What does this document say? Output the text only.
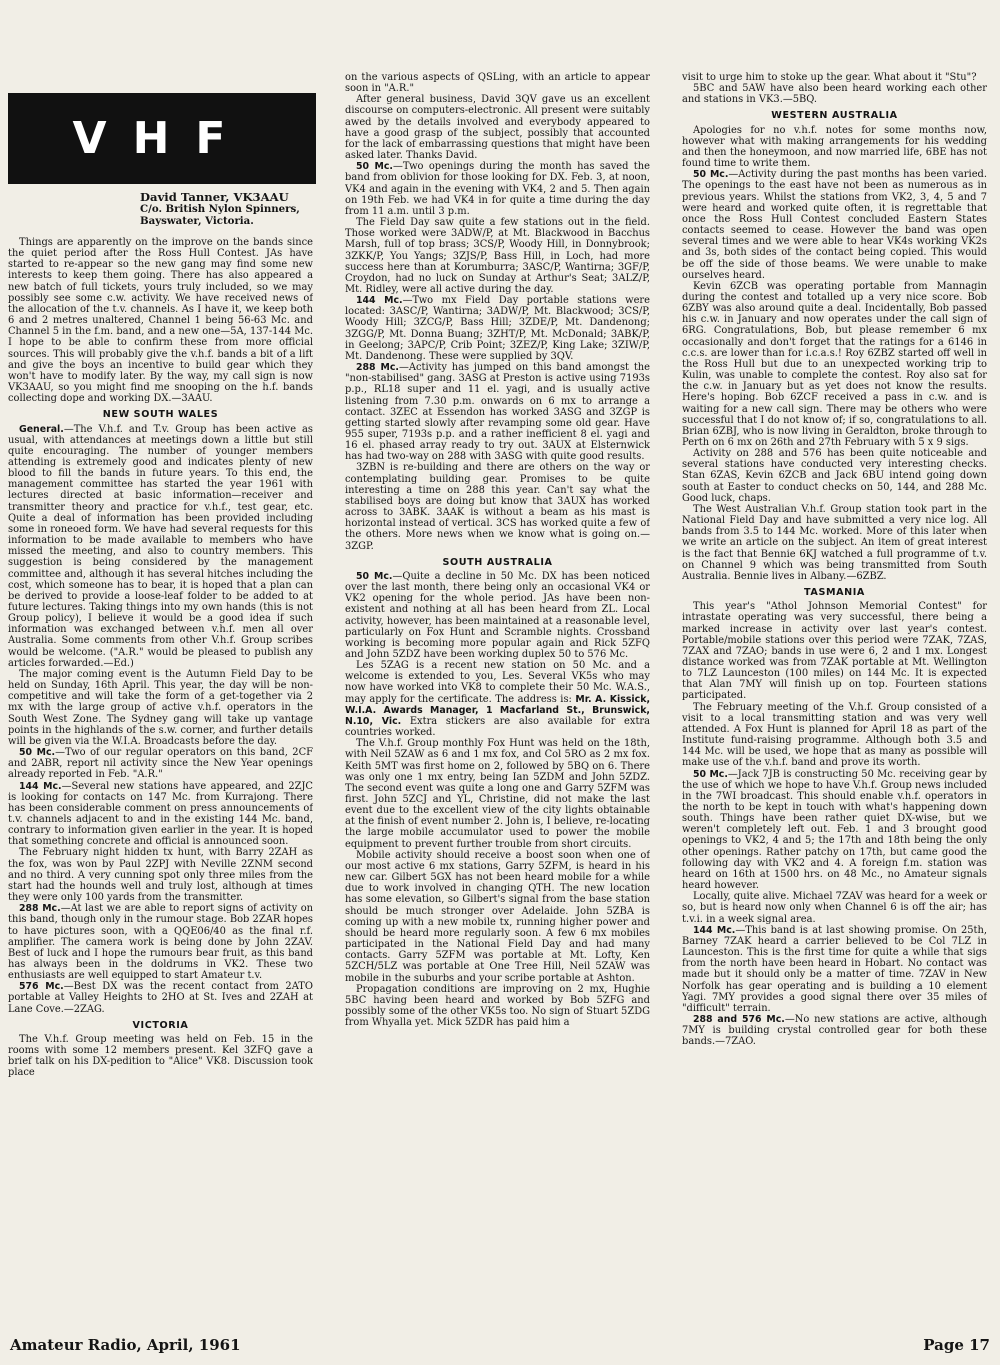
VHF
David Tanner, VK3AAU
C/o. British Nylon Spinners,
Bayswater, Victoria.

Things are apparently on the improve on the bands since the quiet period after the Ross Hull Contest. JAs have started to re-appear so the new gang may find some new interests to keep them going. There has also appeared a new batch of full tickets, yours truly included, so we may possibly see some c.w. activity. We have received news of the allocation of the t.v. channels. As I have it, we keep both 6 and 2 metres unaltered, Channel 1 being 56-63 Mc. and Channel 5 in the f.m. band, and a new one—5A, 137-144 Mc. I hope to be able to confirm these from more official sources. This will probably give the v.h.f. bands a bit of a lift and give the boys an incentive to build gear which they won't have to modify later. By the way, my call sign is now VK3AAU, so you might find me snooping on the h.f. bands collecting dope and working DX.—3AAU.

NEW SOUTH WALES

General.—The V.h.f. and T.v. Group has been active as usual, with attendances at meetings down a little but still quite encouraging. The number of younger members attending is extremely good and indicates plenty of new blood to fill the bands in future years. To this end, the management committee has started the year 1961 with lectures directed at basic information—receiver and transmitter theory and practice for v.h.f., test gear, etc. Quite a deal of information has been provided including some in roneoed form. We have had several requests for this information to be made available to members who have missed the meeting, and also to country members. This suggestion is being considered by the management committee and, although it has several hitches including the cost, which someone has to bear, it is hoped that a plan can be derived to provide a loose-leaf folder to be added to at future lectures. Taking things into my own hands (this is not Group policy), I believe it would be a good idea if such information was exchanged between v.h.f. men all over Australia. Some comments from other V.h.f. Group scribes would be welcome. ("A.R." would be pleased to publish any articles forwarded.—Ed.)

The major coming event is the Autumn Field Day to be held on Sunday, 16th April. This year, the day will be non-competitive and will take the form of a get-together via 2 mx with the large group of active v.h.f. operators in the South West Zone. The Sydney gang will take up vantage points in the highlands of the s.w. corner, and further details will be given via the W.I.A. Broadcasts before the day.

50 Mc.—Two of our regular operators on this band, 2CF and 2ABR, report nil activity since the New Year openings already reported in Feb. "A.R."

144 Mc.—Several new stations have appeared, and 2ZJC is looking for contacts on 147 Mc. from Kurrajong. There has been considerable comment on press announcements of t.v. channels adjacent to and in the existing 144 Mc. band, contrary to information given earlier in the year. It is hoped that something concrete and official is announced soon.

The February night hidden tx hunt, with Barry 2ZAH as the fox, was won by Paul 2ZPJ with Neville 2ZNM second and no third. A very cunning spot only three miles from the start had the hounds well and truly lost, although at times they were only 100 yards from the transmitter.

288 Mc.—At last we are able to report signs of activity on this band, though only in the rumour stage. Bob 2ZAR hopes to have pictures soon, with a QQE06/40 as the final r.f. amplifier. The camera work is being done by John 2ZAV. Best of luck and I hope the rumours bear fruit, as this band has always been in the doldrums in VK2. These two enthusiasts are well equipped to start Amateur t.v.

576 Mc.—Best DX was the recent contact from 2ATO portable at Valley Heights to 2HO at St. Ives and 2ZAH at Lane Cove.—2ZAG.

VICTORIA

The V.h.f. Group meeting was held on Feb. 15 in the rooms with some 12 members present. Kel 3ZFQ gave a brief talk on his DX-pedition to "Alice" VK8. Discussion took place

on the various aspects of QSLing, with an article to appear soon in "A.R."

After general business, David 3QV gave us an excellent discourse on computers-electronic. All present were suitably awed by the details involved and everybody appeared to have a good grasp of the subject, possibly that accounted for the lack of embarrassing questions that might have been asked later. Thanks David.

50 Mc.—Two openings during the month has saved the band from oblivion for those looking for DX. Feb. 3, at noon, VK4 and again in the evening with VK4, 2 and 5. Then again on 19th Feb. we had VK4 in for quite a time during the day from 11 a.m. until 3 p.m.

The Field Day saw quite a few stations out in the field. Those worked were 3ADW/P, at Mt. Blackwood in Bacchus Marsh, full of top brass; 3CS/P, Woody Hill, in Donnybrook; 3ZKK/P, You Yangs; 3ZJS/P, Bass Hill, in Loch, had more success here than at Korumburra; 3ASC/P, Wantirna; 3GF/P, Croydon, had no luck on Sunday at Arthur's Seat; 3ALZ/P, Mt. Ridley, were all active during the day.

144 Mc.—Two mx Field Day portable stations were located: 3ASC/P, Wantirna; 3ADW/P, Mt. Blackwood; 3CS/P, Woody Hill; 3ZCG/P, Bass Hill; 3ZDE/P, Mt. Dandenong; 3ZGG/P, Mt. Donna Buang; 3ZHT/P, Mt. McDonald; 3ABK/P, in Geelong; 3APC/P, Crib Point; 3ZEZ/P, King Lake; 3ZIW/P, Mt. Dandenong. These were supplied by 3QV.

288 Mc.—Activity has jumped on this band amongst the "non-stabilised" gang. 3ASG at Preston is active using 7193s p.p., RL18 super and 11 el. yagi, and is usually active listening from 7.30 p.m. onwards on 6 mx to arrange a contact. 3ZEC at Essendon has worked 3ASG and 3ZGP is getting started slowly after revamping some old gear. Have 955 super, 7193s p.p. and a rather inefficient 8 el. yagi and 16 el. phased array ready to try out. 3AUX at Elsternwick has had two-way on 288 with 3ASG with quite good results.

3ZBN is re-building and there are others on the way or contemplating building gear. Promises to be quite interesting a time on 288 this year. Can't say what the stabilised boys are doing but know that 3AUX has worked across to 3ABK. 3AAK is without a beam as his mast is horizontal instead of vertical. 3CS has worked quite a few of the others. More news when we know what is going on.—3ZGP.

SOUTH AUSTRALIA

50 Mc.—Quite a decline in 50 Mc. DX has been noticed over the last month, there being only an occasional VK4 or VK2 opening for the whole period. JAs have been non-existent and nothing at all has been heard from ZL. Local activity, however, has been maintained at a reasonable level, particularly on Fox Hunt and Scramble nights. Crossband working is becoming more popular again and Rick 5ZFQ and John 5ZDZ have been working duplex 50 to 576 Mc.

Les 5ZAG is a recent new station on 50 Mc. and a welcome is extended to you, Les. Several VK5s who may now have worked into VK8 to complete their 50 Mc. W.A.S., may apply for the certificate. The address is: Mr. A. Kissick, W.I.A. Awards Manager, 1 Macfarland St., Brunswick, N.10, Vic. Extra stickers are also available for extra countries worked.

The V.h.f. Group monthly Fox Hunt was held on the 18th, with Neil 5ZAW as 6 and 1 mx fox, and Col 5RO as 2 mx fox. Keith 5MT was first home on 2, followed by 5BQ on 6. There was only one 1 mx entry, being Ian 5ZDM and John 5ZDZ. The second event was quite a long one and Garry 5ZFM was first. John 5ZCJ and YL, Christine, did not make the last event due to the excellent view of the city lights obtainable at the finish of event number 2. John is, I believe, re-locating the large mobile accumulator used to power the mobile equipment to prevent further trouble from short circuits.

Mobile activity should receive a boost soon when one of our most active 6 mx stations, Garry 5ZFM, is heard in his new car. Gilbert 5GX has not been heard mobile for a while due to work involved in changing QTH. The new location has some elevation, so Gilbert's signal from the base station should be much stronger over Adelaide. John 5ZBA is coming up with a new mobile tx, running higher power and should be heard more regularly soon. A few 6 mx mobiles participated in the National Field Day and had many contacts. Garry 5ZFM was portable at Mt. Lofty, Ken 5ZCH/5LZ was portable at One Tree Hill, Neil 5ZAW was mobile in the suburbs and your scribe portable at Ashton.

Propagation conditions are improving on 2 mx, Hughie 5BC having been heard and worked by Bob 5ZFG and possibly some of the other VK5s too. No sign of Stuart 5ZDG from Whyalla yet. Mick 5ZDR has paid him a

visit to urge him to stoke up the gear. What about it "Stu"?

5BC and 5AW have also been heard working each other and stations in VK3.—5BQ.

WESTERN AUSTRALIA

Apologies for no v.h.f. notes for some months now, however what with making arrangements for his wedding and then the honeymoon, and now married life, 6BE has not found time to write them.

50 Mc.—Activity during the past months has been varied. The openings to the east have not been as numerous as in previous years. Whilst the stations from VK2, 3, 4, 5 and 7 were heard and worked quite often, it is regrettable that once the Ross Hull Contest concluded Eastern States contacts seemed to cease. However the band was open several times and we were able to hear VK4s working VK2s and 3s, both sides of the contact being copied. This would be off the side of those beams. We were unable to make ourselves heard.

Kevin 6ZCB was operating portable from Mannagin during the contest and totalled up a very nice score. Bob 6ZBY was also around quite a deal. Incidentally, Bob passed his c.w. in January and now operates under the call sign of 6RG. Congratulations, Bob, but please remember 6 mx occasionally and don't forget that the ratings for a 6146 in c.c.s. are lower than for i.c.a.s.! Roy 6ZBZ started off well in the Ross Hull but due to an unexpected working trip to Kulin, was unable to complete the contest. Roy also sat for the c.w. in January but as yet does not know the results. Here's hoping. Bob 6ZCF received a pass in c.w. and is waiting for a new call sign. There may be others who were successful that I do not know of; if so, congratulations to all. Brian 6ZBJ, who is now living in Geraldton, broke through to Perth on 6 mx on 26th and 27th February with 5 x 9 sigs.

Activity on 288 and 576 has been quite noticeable and several stations have conducted very interesting checks. Stan 6ZAS, Kevin 6ZCB and Jack 6BU intend going down south at Easter to conduct checks on 50, 144, and 288 Mc. Good luck, chaps.

The West Australian V.h.f. Group station took part in the National Field Day and have submitted a very nice log. All bands from 3.5 to 144 Mc. worked. More of this later when we write an article on the subject. An item of great interest is the fact that Bennie 6KJ watched a full programme of t.v. on Channel 9 which was being transmitted from South Australia. Bennie lives in Albany.—6ZBZ.

TASMANIA

This year's "Athol Johnson Memorial Contest" for intrastate operating was very successful, there being a marked increase in activity over last year's contest. Portable/mobile stations over this period were 7ZAK, 7ZAS, 7ZAX and 7ZAO; bands in use were 6, 2 and 1 mx. Longest distance worked was from 7ZAK portable at Mt. Wellington to 7LZ Launceston (100 miles) on 144 Mc. It is expected that Alan 7MY will finish up on top. Fourteen stations participated.

The February meeting of the V.h.f. Group consisted of a visit to a local transmitting station and was very well attended. A Fox Hunt is planned for April 18 as part of the Institute fund-raising programme. Although both 3.5 and 144 Mc. will be used, we hope that as many as possible will make use of the v.h.f. band and prove its worth.

50 Mc.—Jack 7JB is constructing 50 Mc. receiving gear by the use of which we hope to have V.h.f. Group news included in the 7WI broadcast. This should enable v.h.f. operators in the north to be kept in touch with what's happening down south. Things have been rather quiet DX-wise, but we weren't completely left out. Feb. 1 and 3 brought good openings to VK2, 4 and 5; the 17th and 18th being the only other openings. Rather patchy on 17th, but came good the following day with VK2 and 4. A foreign f.m. station was heard on 16th at 1500 hrs. on 48 Mc., no Amateur signals heard however.

Locally, quite alive. Michael 7ZAV was heard for a week or so, but is heard now only when Channel 6 is off the air; has t.v.i. in a week signal area.

144 Mc.—This band is at last showing promise. On 25th, Barney 7ZAK heard a carrier believed to be Col 7LZ in Launceston. This is the first time for quite a while that sigs from the north have been heard in Hobart. No contact was made but it should only be a matter of time. 7ZAV in New Norfolk has gear operating and is building a 10 element Yagi. 7MY provides a good signal there over 35 miles of "difficult" terrain.

288 and 576 Mc.—No new stations are active, although 7MY is building crystal controlled gear for both these bands.—7ZAO.

Amateur Radio, April, 1961	Page 17
